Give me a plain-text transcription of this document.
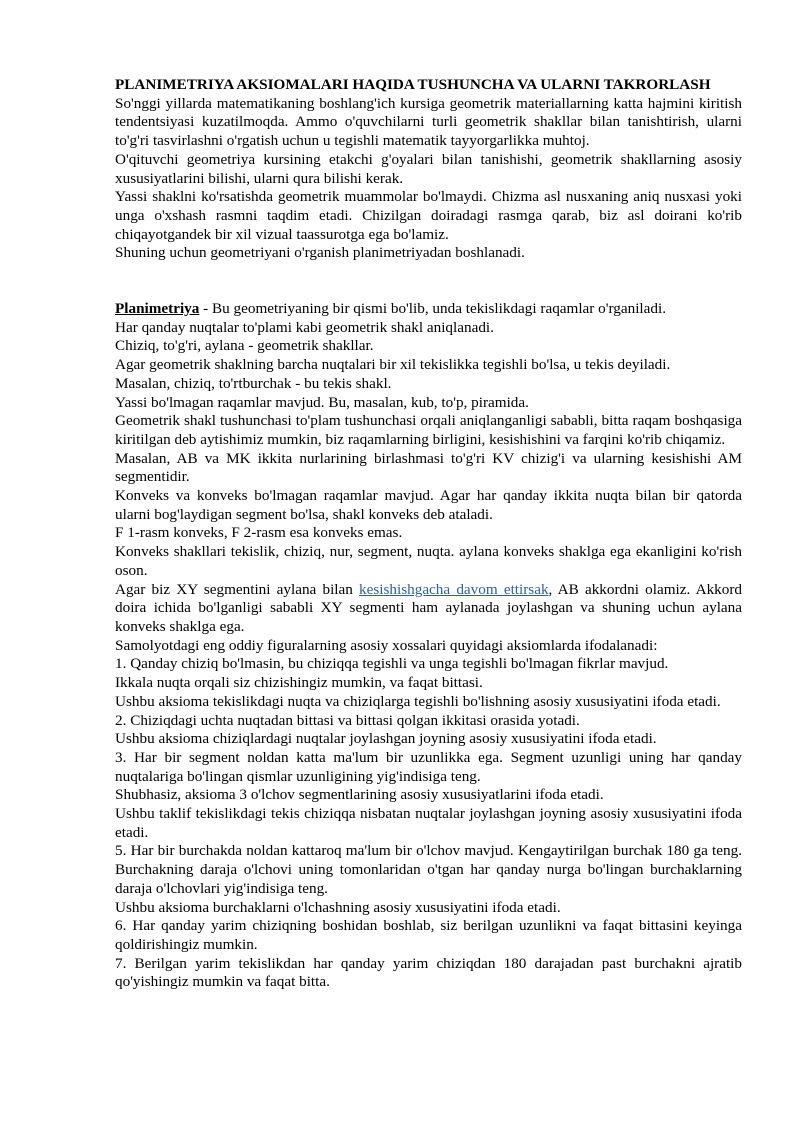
PLANIMETRIYA AKSIOMALARI HAQIDA TUSHUNCHA VA ULARNI TAKRORLASH

So'nggi yillarda matematikaning boshlang'ich kursiga geometrik materiallarning katta hajmini kiritish tendentsiyasi kuzatilmoqda. Ammo o'quvchilarni turli geometrik shakllar bilan tanishtirish, ularni to'g'ri tasvirlashni o'rgatish uchun u tegishli matematik tayyorgarlikka muhtoj.

O'qituvchi geometriya kursining etakchi g'oyalari bilan tanishishi, geometrik shakllarning asosiy xususiyatlarini bilishi, ularni qura bilishi kerak.

Yassi shaklni ko'rsatishda geometrik muammolar bo'lmaydi. Chizma asl nusxaning aniq nusxasi yoki unga o'xshash rasmni taqdim etadi. Chizilgan doiradagi rasmga qarab, biz asl doirani ko'rib chiqayotgandek bir xil vizual taassurotga ega bo'lamiz.

Shuning uchun geometriyani o'rganish planimetriyadan boshlanadi.

Planimetriya - Bu geometriyaning bir qismi bo'lib, unda tekislikdagi raqamlar o'rganiladi.

Har qanday nuqtalar to'plami kabi geometrik shakl aniqlanadi.

Chiziq, to'g'ri, aylana - geometrik shakllar.

Agar geometrik shaklning barcha nuqtalari bir xil tekislikka tegishli bo'lsa, u tekis deyiladi.

Masalan, chiziq, to'rtburchak - bu tekis shakl.

Yassi bo'lmagan raqamlar mavjud. Bu, masalan, kub, to'p, piramida.

Geometrik shakl tushunchasi to'plam tushunchasi orqali aniqlanganligi sababli, bitta raqam boshqasiga kiritilgan deb aytishimiz mumkin, biz raqamlarning birligini, kesishishini va farqini ko'rib chiqamiz.

Masalan, AB va MK ikkita nurlarining birlashmasi to'g'ri KV chizig'i va ularning kesishishi AM segmentidir.

Konveks va konveks bo'lmagan raqamlar mavjud. Agar har qanday ikkita nuqta bilan bir qatorda ularni bog'laydigan segment bo'lsa, shakl konveks deb ataladi.

F 1-rasm konveks, F 2-rasm esa konveks emas.

Konveks shakllari tekislik, chiziq, nur, segment, nuqta. aylana konveks shaklga ega ekanligini ko'rish oson.

Agar biz XY segmentini aylana bilan kesishishgacha davom ettirsak, AB akkordni olamiz. Akkord doira ichida bo'lganligi sababli XY segmenti ham aylanada joylashgan va shuning uchun aylana konveks shaklga ega.

Samolyotdagi eng oddiy figuralarning asosiy xossalari quyidagi aksiomlarda ifodalanadi:

1. Qanday chiziq bo'lmasin, bu chiziqqa tegishli va unga tegishli bo'lmagan fikrlar mavjud.

Ikkala nuqta orqali siz chizishingiz mumkin, va faqat bittasi.

Ushbu aksioma tekislikdagi nuqta va chiziqlarga tegishli bo'lishning asosiy xususiyatini ifoda etadi.

2. Chiziqdagi uchta nuqtadan bittasi va bittasi qolgan ikkitasi orasida yotadi.

Ushbu aksioma chiziqlardagi nuqtalar joylashgan joyning asosiy xususiyatini ifoda etadi.

3. Har bir segment noldan katta ma'lum bir uzunlikka ega. Segment uzunligi uning har qanday nuqtalariga bo'lingan qismlar uzunligining yig'indisiga teng.

Shubhasiz, aksioma 3 o'lchov segmentlarining asosiy xususiyatlarini ifoda etadi.

Ushbu taklif tekislikdagi tekis chiziqqa nisbatan nuqtalar joylashgan joyning asosiy xususiyatini ifoda etadi.

5. Har bir burchakda noldan kattaroq ma'lum bir o'lchov mavjud. Kengaytirilgan burchak 180 ga teng. Burchakning daraja o'lchovi uning tomonlaridan o'tgan har qanday nurga bo'lingan burchaklarning daraja o'lchovlari yig'indisiga teng.

Ushbu aksioma burchaklarni o'lchashning asosiy xususiyatini ifoda etadi.

6. Har qanday yarim chiziqning boshidan boshlab, siz berilgan uzunlikni va faqat bittasini keyinga qoldirishingiz mumkin.

7. Berilgan yarim tekislikdan har qanday yarim chiziqdan 180 darajadan past burchakni ajratib qo'yishingiz mumkin va faqat bitta.
